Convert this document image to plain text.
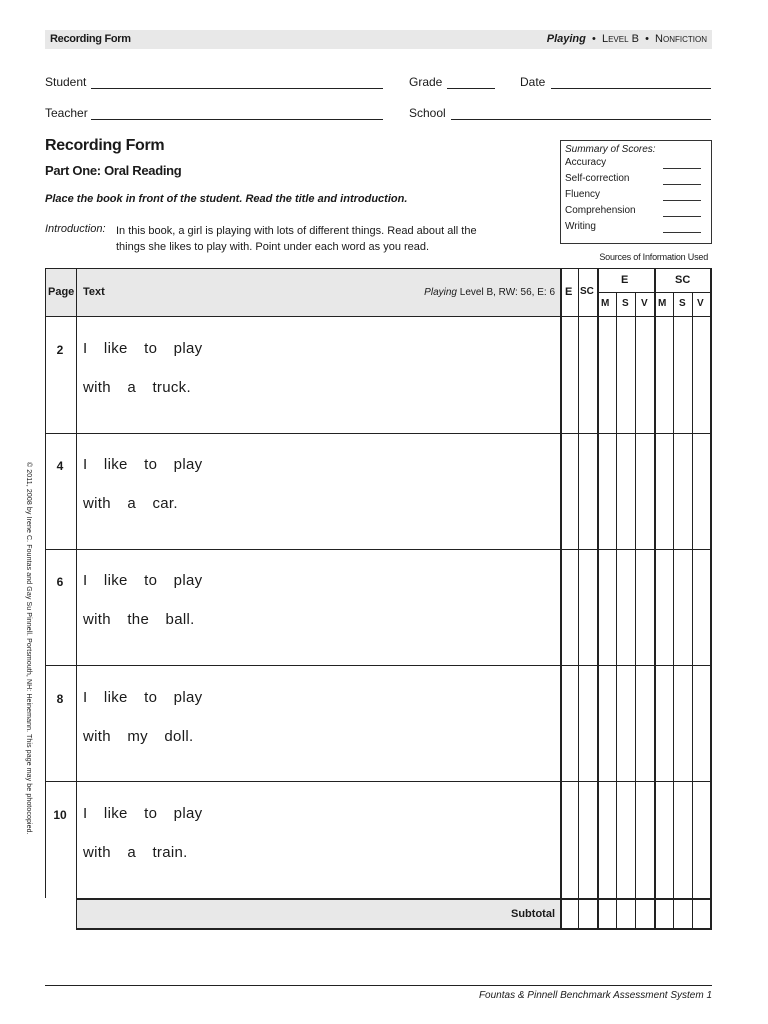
Recording Form	Playing • Level B • Nonfiction
Student	Grade	Date
Teacher	School
Recording Form
Part One: Oral Reading
Place the book in front of the student. Read the title and introduction.
Introduction: In this book, a girl is playing with lots of different things. Read about all the things she likes to play with. Point under each word as you read.
Summary of Scores:
Accuracy
Self-correction
Fluency
Comprehension
Writing
Sources of Information Used
Page Text	Playing Level B, RW: 56, E: 6 E SC
E	SC
M S V M S V
2	I like to play
with a truck.
4	I like to play
with a car.
6	I like to play
with the ball.
8	I like to play
with my doll.
10	I like to play
with a train.
Subtotal
© 2011, 2008 by Irene C. Fountas and Gay Su Pinnell. Portsmouth, NH: Heinemann. This page may be photocopied.
Fountas & Pinnell Benchmark Assessment System 1
